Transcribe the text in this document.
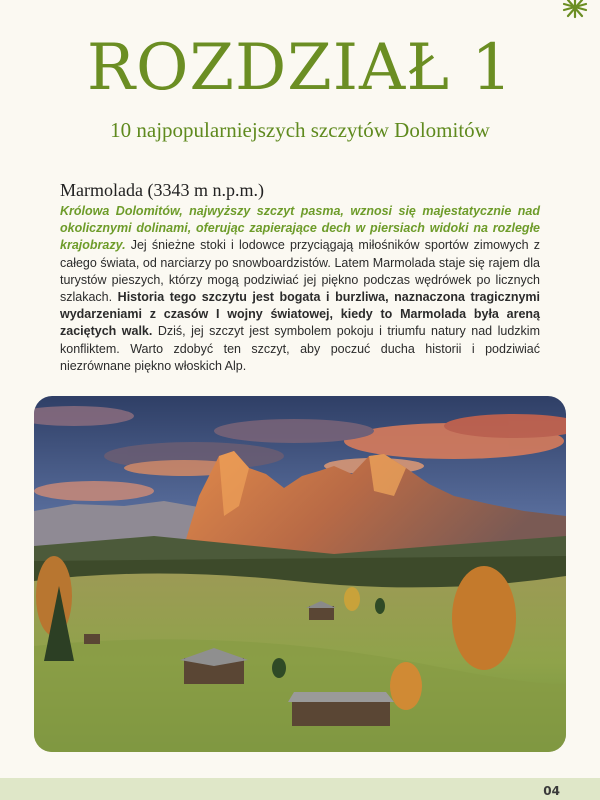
ROZDZIAŁ 1

10 najpopularniejszych szczytów Dolomitów

Marmolada (3343 m n.p.m.)

Królowa Dolomitów, najwyższy szczyt pasma, wznosi się majestatycznie nad okolicznymi dolinami, oferując zapierające dech w piersiach widoki na rozległe krajobrazy. Jej śnieżne stoki i lodowce przyciągają miłośników sportów zimowych z całego świata, od narciarzy po snowboardzistów. Latem Marmolada staje się rajem dla turystów pieszych, którzy mogą podziwiać jej piękno podczas wędrówek po licznych szlakach. Historia tego szczytu jest bogata i burzliwa, naznaczona tragicznymi wydarzeniami z czasów I wojny światowej, kiedy to Marmolada była areną zaciętych walk. Dziś, jej szczyt jest symbolem pokoju i triumfu natury nad ludzkim konfliktem. Warto zdobyć ten szczyt, aby poczuć ducha historii i podziwiać niezrównane piękno włoskich Alp.

04
